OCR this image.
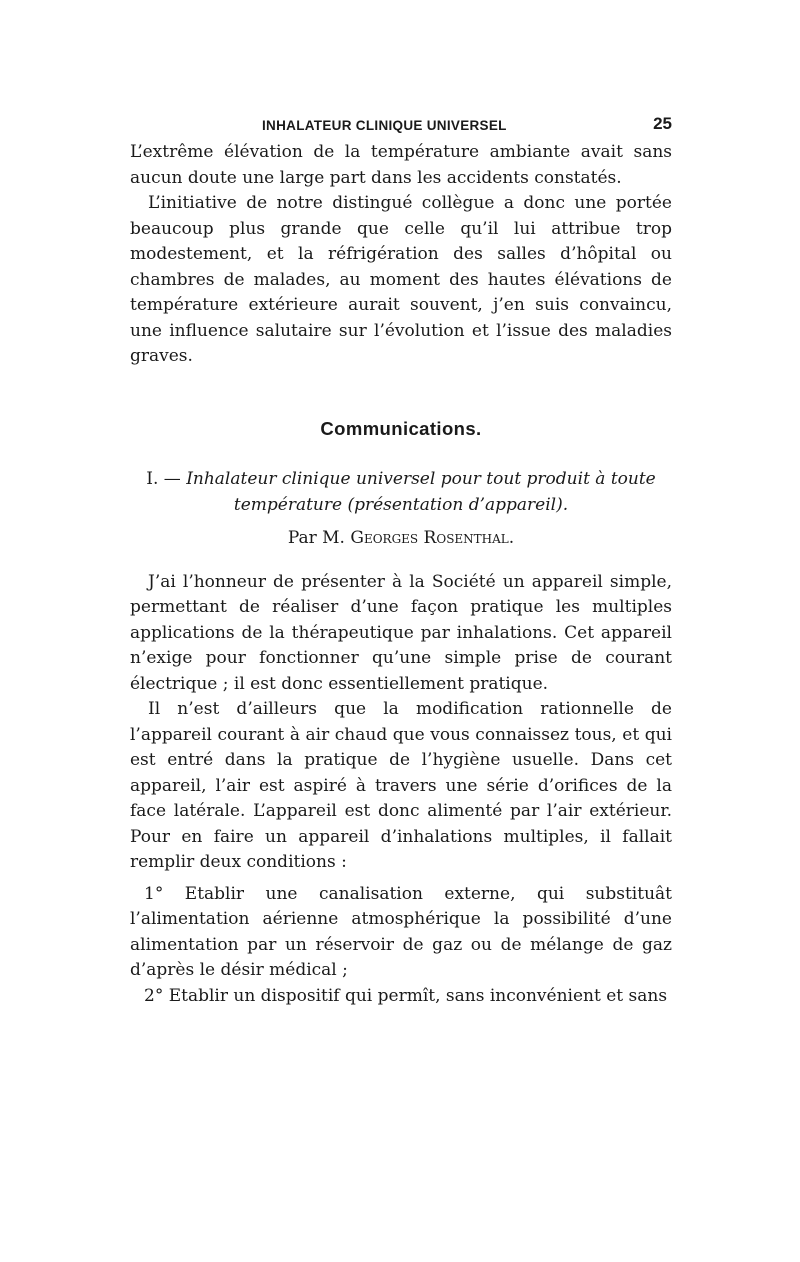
INHALATEUR CLINIQUE UNIVERSEL	25

L’extrême élévation de la température ambiante avait sans aucun doute une large part dans les accidents constatés.

L’initiative de notre distingué collègue a donc une portée beaucoup plus grande que celle qu’il lui attribue trop modestement, et la réfrigération des salles d’hôpital ou chambres de malades, au moment des hautes élévations de température extérieure aurait souvent, j’en suis convaincu, une influence salutaire sur l’évolution et l’issue des maladies graves.

Communications.

I. — Inhalateur clinique universel pour tout produit à toute
température (présentation d’appareil).

Par M. Georges Rosenthal.

J’ai l’honneur de présenter à la Société un appareil simple, permettant de réaliser d’une façon pratique les multiples applications de la thérapeutique par inhalations. Cet appareil n’exige pour fonctionner qu’une simple prise de courant électrique ; il est donc essentiellement pratique.

Il n’est d’ailleurs que la modification rationnelle de l’appareil courant à air chaud que vous connaissez tous, et qui est entré dans la pratique de l’hygiène usuelle. Dans cet appareil, l’air est aspiré à travers une série d’orifices de la face latérale. L’appareil est donc alimenté par l’air extérieur. Pour en faire un appareil d’inhalations multiples, il fallait remplir deux conditions :

1° Etablir une canalisation externe, qui substituât l’alimentation aérienne atmosphérique la possibilité d’une alimentation par un réservoir de gaz ou de mélange de gaz d’après le désir médical ;

2° Etablir un dispositif qui permît, sans inconvénient et sans
